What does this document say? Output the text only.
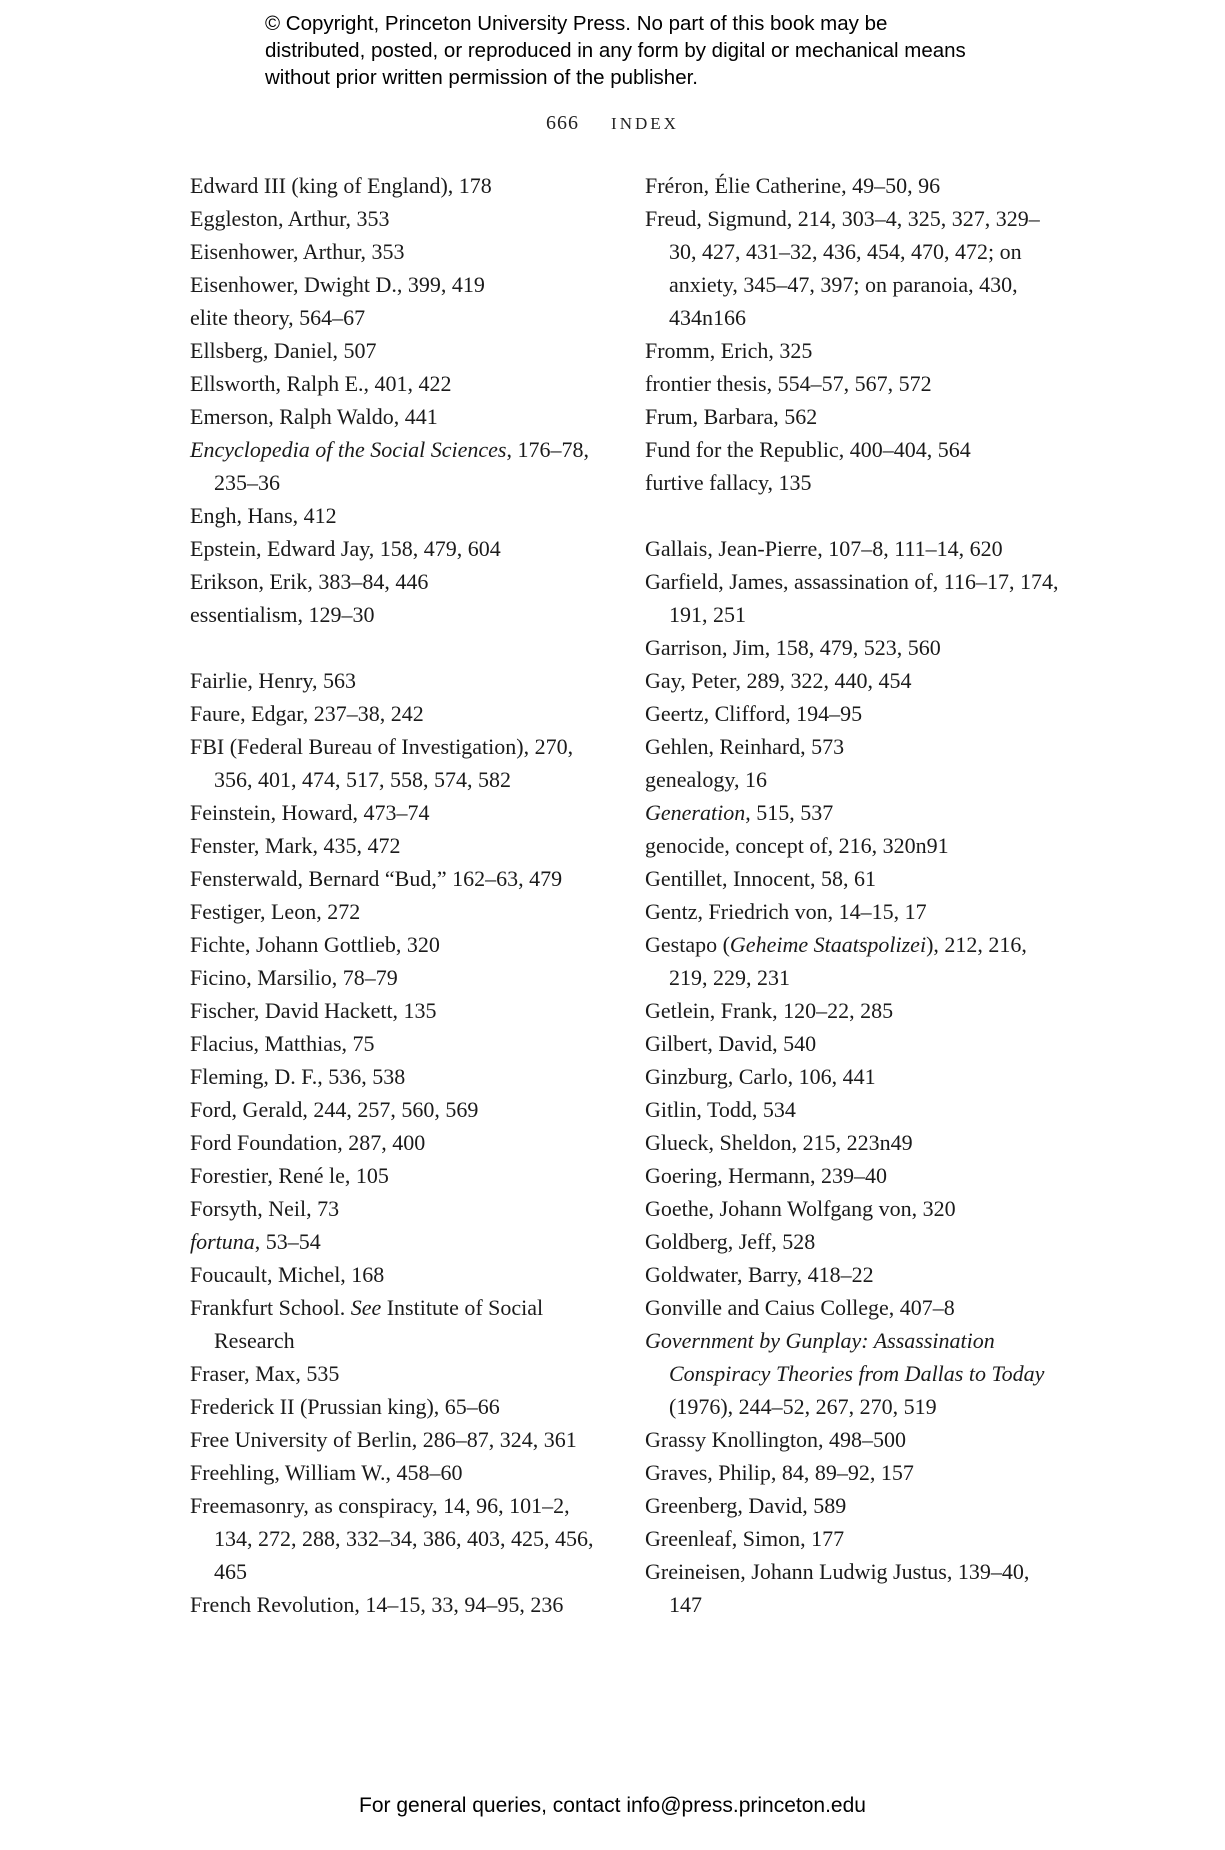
© Copyright, Princeton University Press. No part of this book may be distributed, posted, or reproduced in any form by digital or mechanical means without prior written permission of the publisher.
666 INDEX
Edward III (king of England), 178
Eggleston, Arthur, 353
Eisenhower, Arthur, 353
Eisenhower, Dwight D., 399, 419
elite theory, 564–67
Ellsberg, Daniel, 507
Ellsworth, Ralph E., 401, 422
Emerson, Ralph Waldo, 441
Encyclopedia of the Social Sciences, 176–78, 235–36
Engh, Hans, 412
Epstein, Edward Jay, 158, 479, 604
Erikson, Erik, 383–84, 446
essentialism, 129–30
Fairlie, Henry, 563
Faure, Edgar, 237–38, 242
FBI (Federal Bureau of Investigation), 270, 356, 401, 474, 517, 558, 574, 582
Feinstein, Howard, 473–74
Fenster, Mark, 435, 472
Fensterwald, Bernard “Bud,” 162–63, 479
Festiger, Leon, 272
Fichte, Johann Gottlieb, 320
Ficino, Marsilio, 78–79
Fischer, David Hackett, 135
Flacius, Matthias, 75
Fleming, D. F., 536, 538
Ford, Gerald, 244, 257, 560, 569
Ford Foundation, 287, 400
Forestier, René le, 105
Forsyth, Neil, 73
fortuna, 53–54
Foucault, Michel, 168
Frankfurt School. See Institute of Social Research
Fraser, Max, 535
Frederick II (Prussian king), 65–66
Free University of Berlin, 286–87, 324, 361
Freehling, William W., 458–60
Freemasonry, as conspiracy, 14, 96, 101–2, 134, 272, 288, 332–34, 386, 403, 425, 456, 465
French Revolution, 14–15, 33, 94–95, 236
Fréron, Élie Catherine, 49–50, 96
Freud, Sigmund, 214, 303–4, 325, 327, 329–30, 427, 431–32, 436, 454, 470, 472; on anxiety, 345–47, 397; on paranoia, 430, 434n166
Fromm, Erich, 325
frontier thesis, 554–57, 567, 572
Frum, Barbara, 562
Fund for the Republic, 400–404, 564
furtive fallacy, 135
Gallais, Jean-Pierre, 107–8, 111–14, 620
Garfield, James, assassination of, 116–17, 174, 191, 251
Garrison, Jim, 158, 479, 523, 560
Gay, Peter, 289, 322, 440, 454
Geertz, Clifford, 194–95
Gehlen, Reinhard, 573
genealogy, 16
Generation, 515, 537
genocide, concept of, 216, 320n91
Gentillet, Innocent, 58, 61
Gentz, Friedrich von, 14–15, 17
Gestapo (Geheime Staatspolizei), 212, 216, 219, 229, 231
Getlein, Frank, 120–22, 285
Gilbert, David, 540
Ginzburg, Carlo, 106, 441
Gitlin, Todd, 534
Glueck, Sheldon, 215, 223n49
Goering, Hermann, 239–40
Goethe, Johann Wolfgang von, 320
Goldberg, Jeff, 528
Goldwater, Barry, 418–22
Gonville and Caius College, 407–8
Government by Gunplay: Assassination Conspiracy Theories from Dallas to Today (1976), 244–52, 267, 270, 519
Grassy Knollington, 498–500
Graves, Philip, 84, 89–92, 157
Greenberg, David, 589
Greenleaf, Simon, 177
Greineisen, Johann Ludwig Justus, 139–40, 147
For general queries, contact info@press.princeton.edu
